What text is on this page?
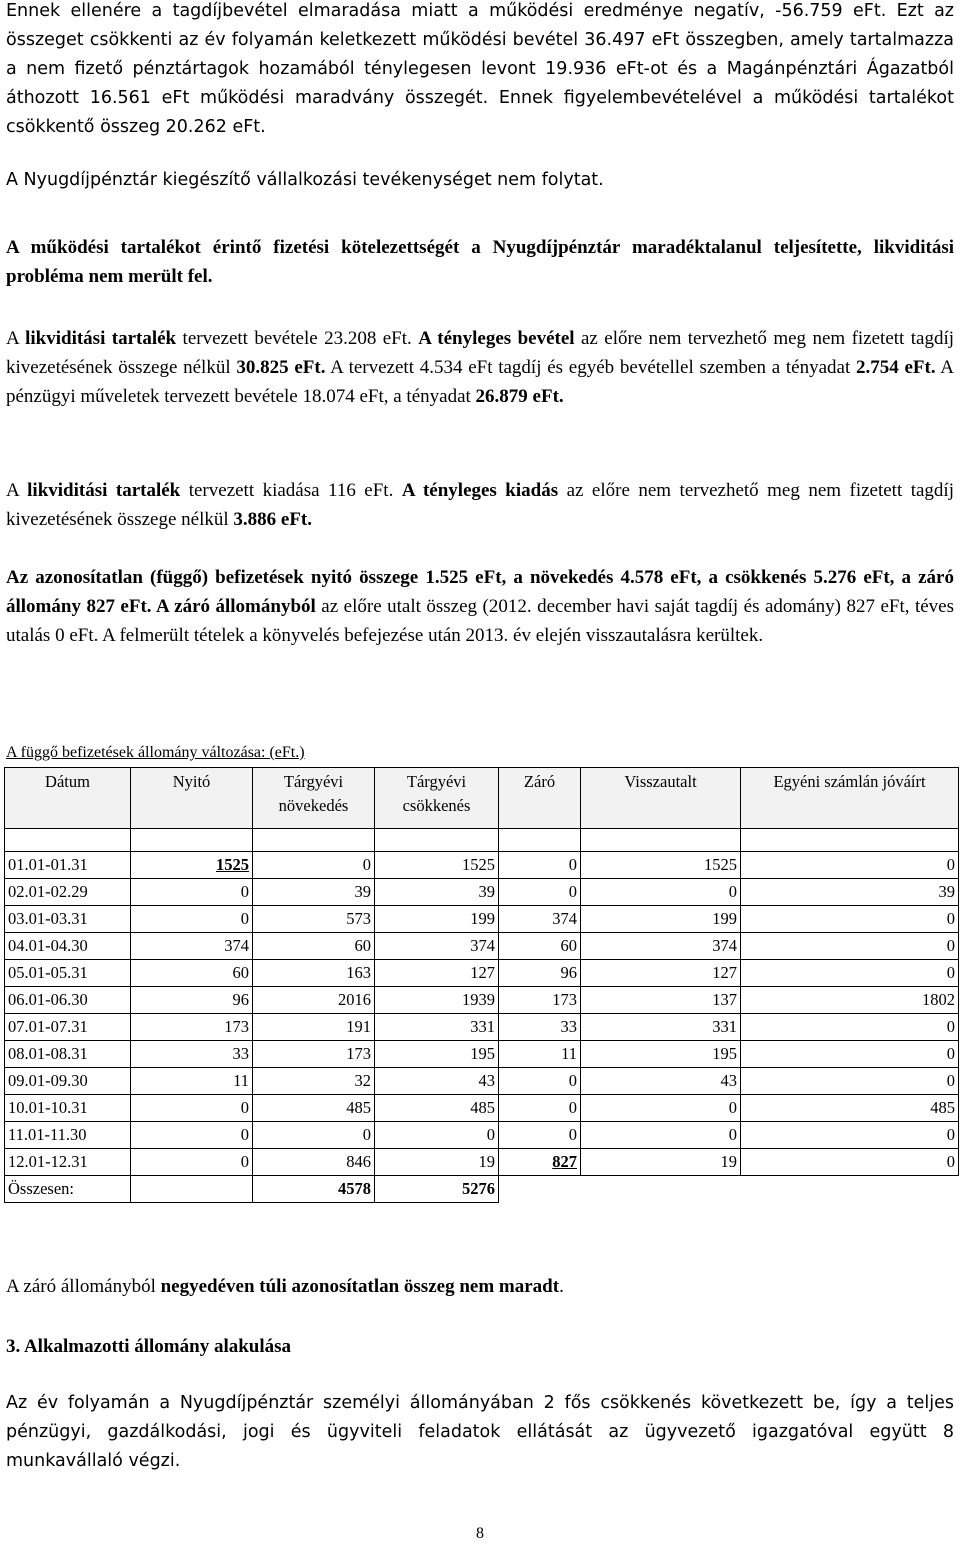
Ennek ellenére a tagdíjbevétel elmaradása miatt a működési eredménye negatív, -56.759 eFt. Ezt az összeget csökkenti az év folyamán keletkezett működési bevétel 36.497 eFt összegben, amely tartalmazza a nem fizető pénztártagok hozamából ténylegesen levont 19.936 eFt-ot és a Magánpénztári Ágazatból áthozott 16.561 eFt működési maradvány összegét. Ennek figyelembevételével a működési tartalékot csökkentő összeg 20.262 eFt.

A Nyugdíjpénztár kiegészítő vállalkozási tevékenységet nem folytat.

A működési tartalékot érintő fizetési kötelezettségét a Nyugdíjpénztár maradéktalanul teljesítette, likviditási probléma nem merült fel.

A likviditási tartalék tervezett bevétele 23.208 eFt. A tényleges bevétel az előre nem tervezhető meg nem fizetett tagdíj kivezetésének összege nélkül 30.825 eFt. A tervezett 4.534 eFt tagdíj és egyéb bevétellel szemben a tényadat 2.754 eFt. A pénzügyi műveletek tervezett bevétele 18.074 eFt, a tényadat 26.879 eFt.

A likviditási tartalék tervezett kiadása 116 eFt. A tényleges kiadás az előre nem tervezhető meg nem fizetett tagdíj kivezetésének összege nélkül 3.886 eFt.

Az azonosítatlan (függő) befizetések nyitó összege 1.525 eFt, a növekedés 4.578 eFt, a csökkenés 5.276 eFt, a záró állomány 827 eFt. A záró állományból az előre utalt összeg (2012. december havi saját tagdíj és adomány) 827 eFt, téves utalás 0 eFt. A felmerült tételek a könyvelés befejezése után 2013. év elején visszautalásra kerültek.

A függő befizetések állomány változása: (eFt.)
Dátum	Nyitó	Tárgyévi növekedés	Tárgyévi csökkenés	Záró	Visszautalt	Egyéni számlán jóváírt

01.01-01.31	1525	0	1525	0	1525	0
02.01-02.29	0	39	39	0	0	39
03.01-03.31	0	573	199	374	199	0
04.01-04.30	374	60	374	60	374	0
05.01-05.31	60	163	127	96	127	0
06.01-06.30	96	2016	1939	173	137	1802
07.01-07.31	173	191	331	33	331	0
08.01-08.31	33	173	195	11	195	0
09.01-09.30	11	32	43	0	43	0
10.01-10.31	0	485	485	0	0	485
11.01-11.30	0	0	0	0	0	0
12.01-12.31	0	846	19	827	19	0
Összesen:		4578	5276			

A záró állományból negyedéven túli azonosítatlan összeg nem maradt.

3. Alkalmazotti állomány alakulása

Az év folyamán a Nyugdíjpénztár személyi állományában 2 fős csökkenés következett be, így a teljes pénzügyi, gazdálkodási, jogi és ügyviteli feladatok ellátását az ügyvezető igazgatóval együtt 8 munkavállaló végzi.

8
